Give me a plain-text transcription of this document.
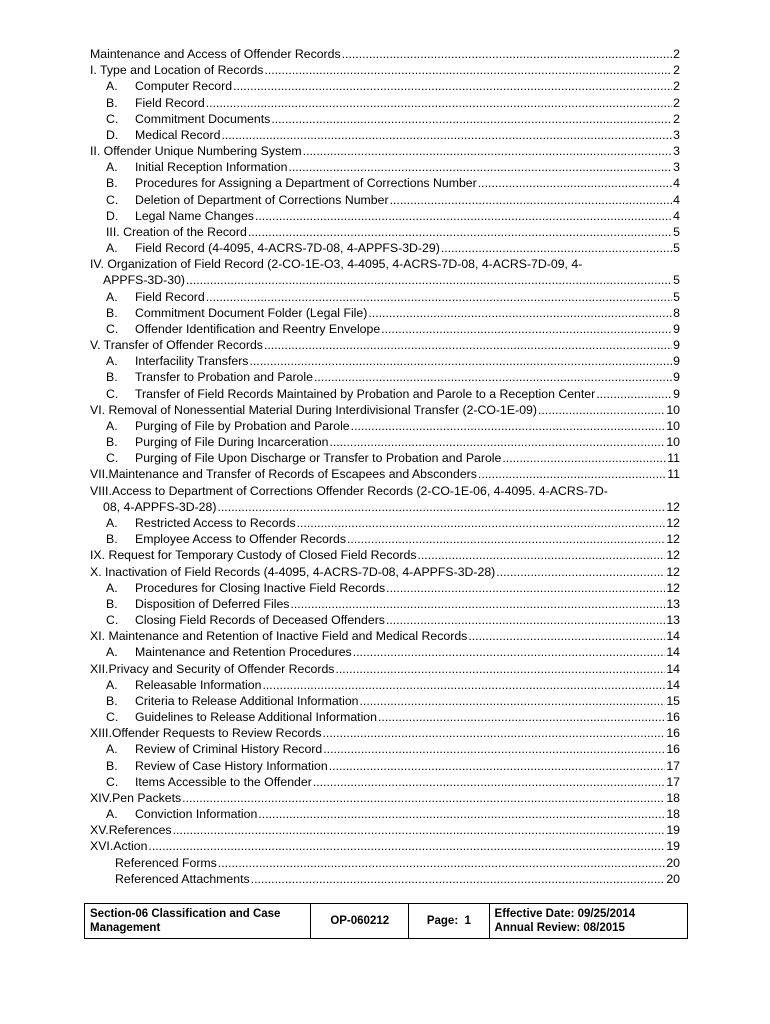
Maintenance and Access of Offender Records .....	2
I. Type and Location of Records .....	2
A.	Computer Record .....	2
B.	Field Record .....	2
C.	Commitment Documents .....	2
D.	Medical Record .....	3
II. Offender Unique Numbering System .....	3
A.	Initial Reception Information .....	3
B.	Procedures for Assigning a Department of Corrections Number .....	4
C.	Deletion of Department of Corrections Number .....	4
D.	Legal Name Changes .....	4
III. Creation of the Record .....	5
A.	Field Record (4-4095, 4-ACRS-7D-08, 4-APPFS-3D-29) .....	5
IV. Organization of Field Record (2-CO-1E-O3, 4-4095, 4-ACRS-7D-08, 4-ACRS-7D-09, 4-
APPFS-3D-30) .....	5
A.	Field Record .....	5
B.	Commitment Document Folder (Legal File) .....	8
C.	Offender Identification and Reentry Envelope .....	9
V. Transfer of Offender Records .....	9
A.	Interfacility Transfers .....	9
B.	Transfer to Probation and Parole .....	9
C.	Transfer of Field Records Maintained by Probation and Parole to a Reception Center .....	9
VI. Removal of Nonessential Material During Interdivisional Transfer (2-CO-1E-09) .....	10
A.	Purging of File by Probation and Parole .....	10
B.	Purging of File During Incarceration .....	10
C.	Purging of File Upon Discharge or Transfer to Probation and Parole .....	11
VII.Maintenance and Transfer of Records of Escapees and Absconders .....	11
VIII.Access to Department of Corrections Offender Records (2-CO-1E-06, 4-4095. 4-ACRS-7D-
08, 4-APPFS-3D-28) .....	12
A.	Restricted Access to Records .....	12
B.	Employee Access to Offender Records .....	12
IX. Request for Temporary Custody of Closed Field Records .....	12
X. Inactivation of Field Records (4-4095, 4-ACRS-7D-08, 4-APPFS-3D-28) .....	12
A.	Procedures for Closing Inactive Field Records .....	12
B.	Disposition of Deferred Files .....	13
C.	Closing Field Records of Deceased Offenders .....	13
XI. Maintenance and Retention of Inactive Field and Medical Records .....	14
A.	Maintenance and Retention Procedures .....	14
XII.Privacy and Security of Offender Records .....	14
A.	Releasable Information .....	14
B.	Criteria to Release Additional Information .....	15
C.	Guidelines to Release Additional Information .....	16
XIII.Offender Requests to Review Records .....	16
A.	Review of Criminal History Record .....	16
B.	Review of Case History Information .....	17
C.	Items Accessible to the Offender .....	17
XIV.Pen Packets .....	18
A.	Conviction Information .....	18
XV.References .....	19
XVI.Action .....	19
Referenced Forms .....	20
Referenced Attachments .....	20
Section-06 Classification and Case Management	OP-060212	Page: 1	
Effective Date: 09/25/2014
Annual Review: 08/2015
